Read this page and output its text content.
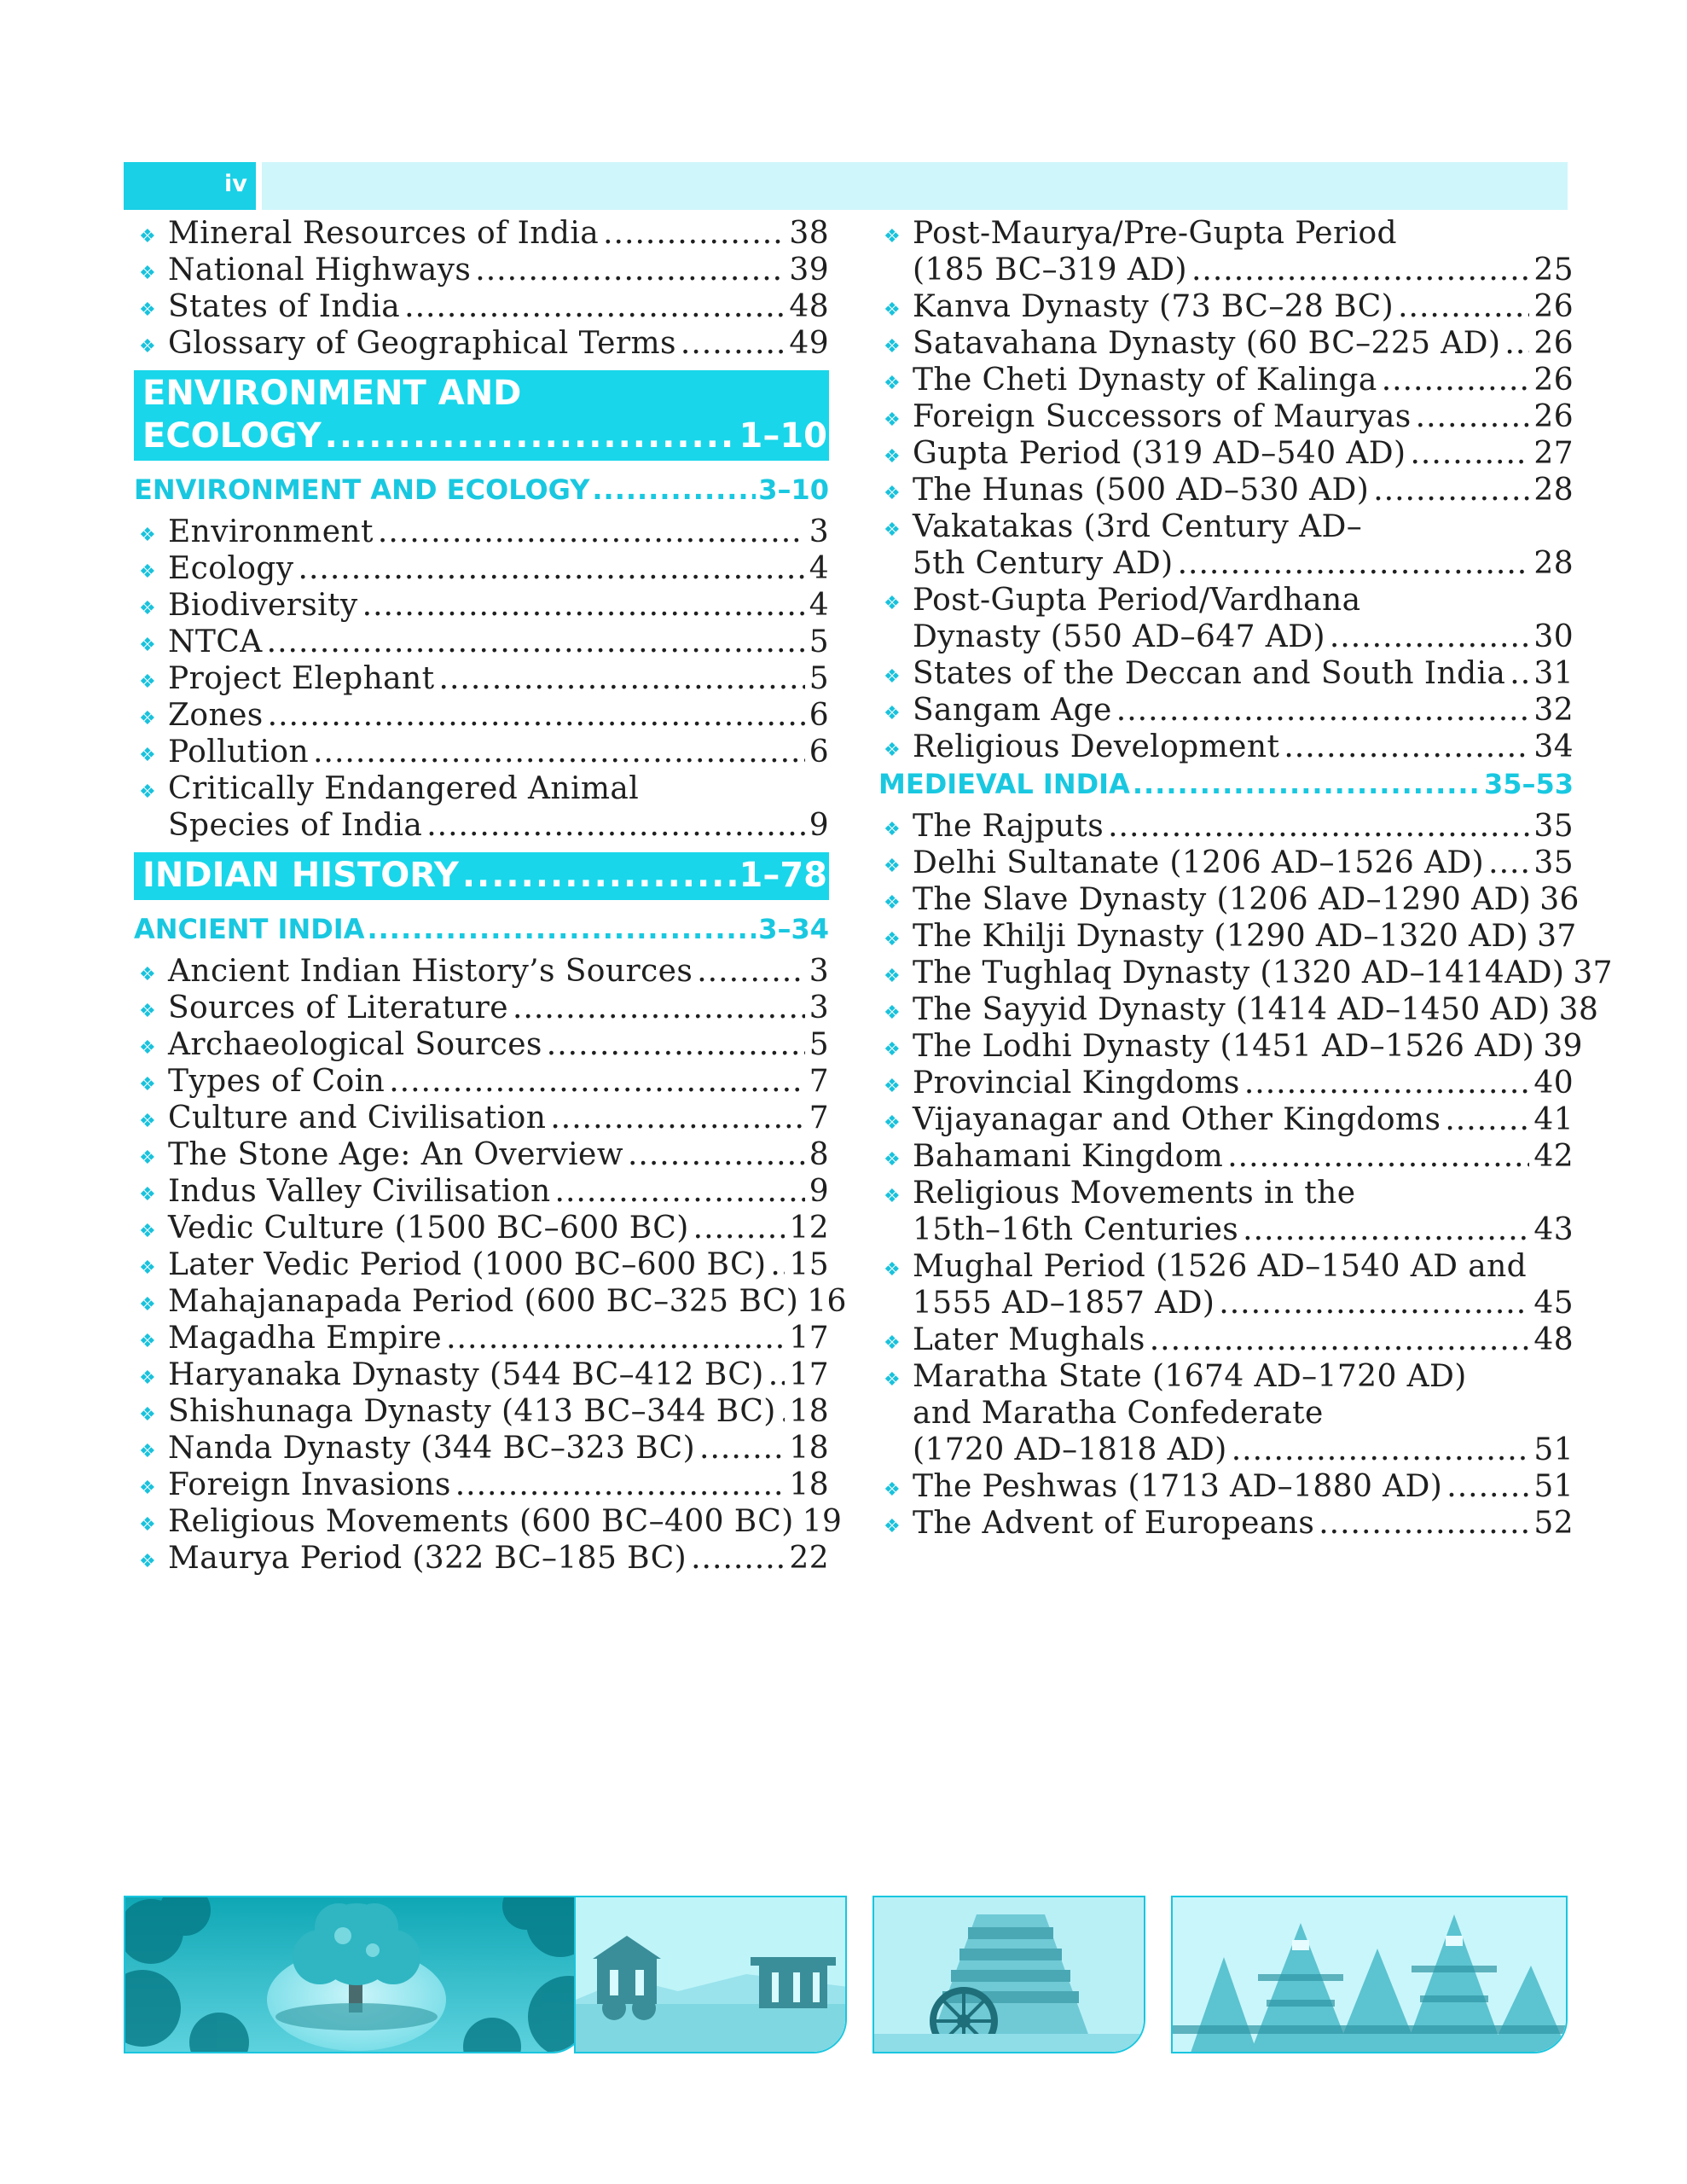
iv
❖ Mineral Resources of India .....	38
❖ National Highways .....	39
❖ States of India .....	48
❖ Glossary of Geographical Terms .....	49
ENVIRONMENT AND
ECOLOGY .....	1–10
ENVIRONMENT AND ECOLOGY .....	3–10
❖ Environment .....	3
❖ Ecology .....	4
❖ Biodiversity .....	4
❖ NTCA .....	5
❖ Project Elephant .....	5
❖ Zones .....	6
❖ Pollution .....	6
❖ Critically Endangered Animal
Species of India .....	9
INDIAN HISTORY .....	1–78
ANCIENT INDIA .....	3–34
❖ Ancient Indian History’s Sources .....	3
❖ Sources of Literature .....	3
❖ Archaeological Sources .....	5
❖ Types of Coin .....	7
❖ Culture and Civilisation .....	7
❖ The Stone Age: An Overview .....	8
❖ Indus Valley Civilisation .....	9
❖ Vedic Culture (1500 BC–600 BC) .....	12
❖ Later Vedic Period (1000 BC–600 BC) ..... 15
❖ Mahajanapada Period (600 BC–325 BC) 16
❖ Magadha Empire .....	17
❖ Haryanaka Dynasty (544 BC–412 BC) ..... 17
❖ Shishunaga Dynasty (413 BC–344 BC) ..... 18
❖ Nanda Dynasty (344 BC–323 BC) .....	18
❖ Foreign Invasions .....	18
❖ Religious Movements (600 BC–400 BC) 19
❖ Maurya Period (322 BC–185 BC) .....	22
❖ Post-Maurya/Pre-Gupta Period
(185 BC–319 AD) .....	25
❖ Kanva Dynasty (73 BC–28 BC) .....	26
❖ Satavahana Dynasty (60 BC–225 AD) ..... 26
❖ The Cheti Dynasty of Kalinga .....	26
❖ Foreign Successors of Mauryas .....	26
❖ Gupta Period (319 AD–540 AD) .....	27
❖ The Hunas (500 AD–530 AD) .....	28
❖ Vakatakas (3rd Century AD–
5th Century AD) .....	28
❖ Post-Gupta Period/Vardhana
Dynasty (550 AD–647 AD) .....	30
❖ States of the Deccan and South India ..... 31
❖ Sangam Age .....	32
❖ Religious Development .....	34
MEDIEVAL INDIA .....	35–53
❖ The Rajputs .....	35
❖ Delhi Sultanate (1206 AD–1526 AD) ..... 35
❖ The Slave Dynasty (1206 AD–1290 AD) 36
❖ The Khilji Dynasty (1290 AD–1320 AD) 37
❖ The Tughlaq Dynasty (1320 AD–1414AD) 37
❖ The Sayyid Dynasty (1414 AD–1450 AD) 38
❖ The Lodhi Dynasty (1451 AD–1526 AD) 39
❖ Provincial Kingdoms .....	40
❖ Vijayanagar and Other Kingdoms .....	41
❖ Bahamani Kingdom .....	42
❖ Religious Movements in the
15th–16th Centuries .....	43
❖ Mughal Period (1526 AD–1540 AD and
1555 AD–1857 AD) .....	45
❖ Later Mughals .....	48
❖ Maratha State (1674 AD–1720 AD)
and Maratha Confederate
(1720 AD–1818 AD) .....	51
❖ The Peshwas (1713 AD–1880 AD) .....	51
❖ The Advent of Europeans .....	52
